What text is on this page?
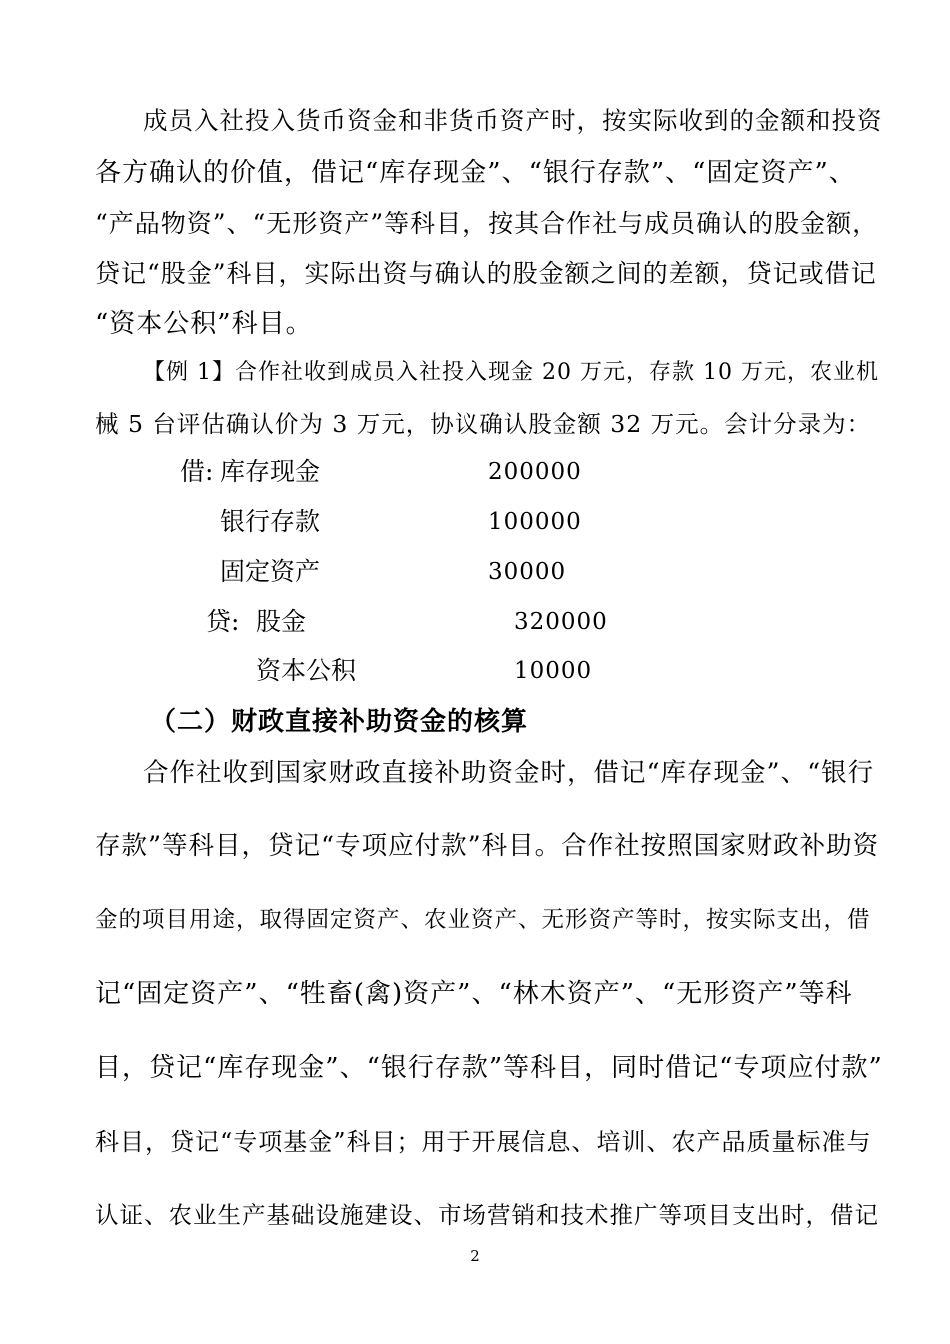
成员入社投入货币资金和非货币资产时，按实际收到的金额和投资
各方确认的价值，借记“库存现金”、“银行存款”、“固定资产”、
“产品物资”、“无形资产”等科目，按其合作社与成员确认的股金额，
贷记“股金”科目，实际出资与确认的股金额之间的差额，贷记或借记
“资本公积”科目。
【例 1】合作社收到成员入社投入现金 20 万元，存款 10 万元，农业机
械 5 台评估确认价为 3 万元，协议确认股金额 32 万元。会计分录为：
借: 库存现金	200000
银行存款	100000
固定资产	30000
贷: 股金	320000
资本公积	10000
（二）财政直接补助资金的核算
合作社收到国家财政直接补助资金时，借记“库存现金”、“银行
存款”等科目，贷记“专项应付款”科目。合作社按照国家财政补助资
金的项目用途，取得固定资产、农业资产、无形资产等时，按实际支出，借
记“固定资产”、“牲畜(禽)资产”、“林木资产”、“无形资产”等科
目，贷记“库存现金”、“银行存款”等科目，同时借记“专项应付款”
科目，贷记“专项基金”科目；用于开展信息、培训、农产品质量标准与
认证、农业生产基础设施建设、市场营销和技术推广等项目支出时，借记
2
